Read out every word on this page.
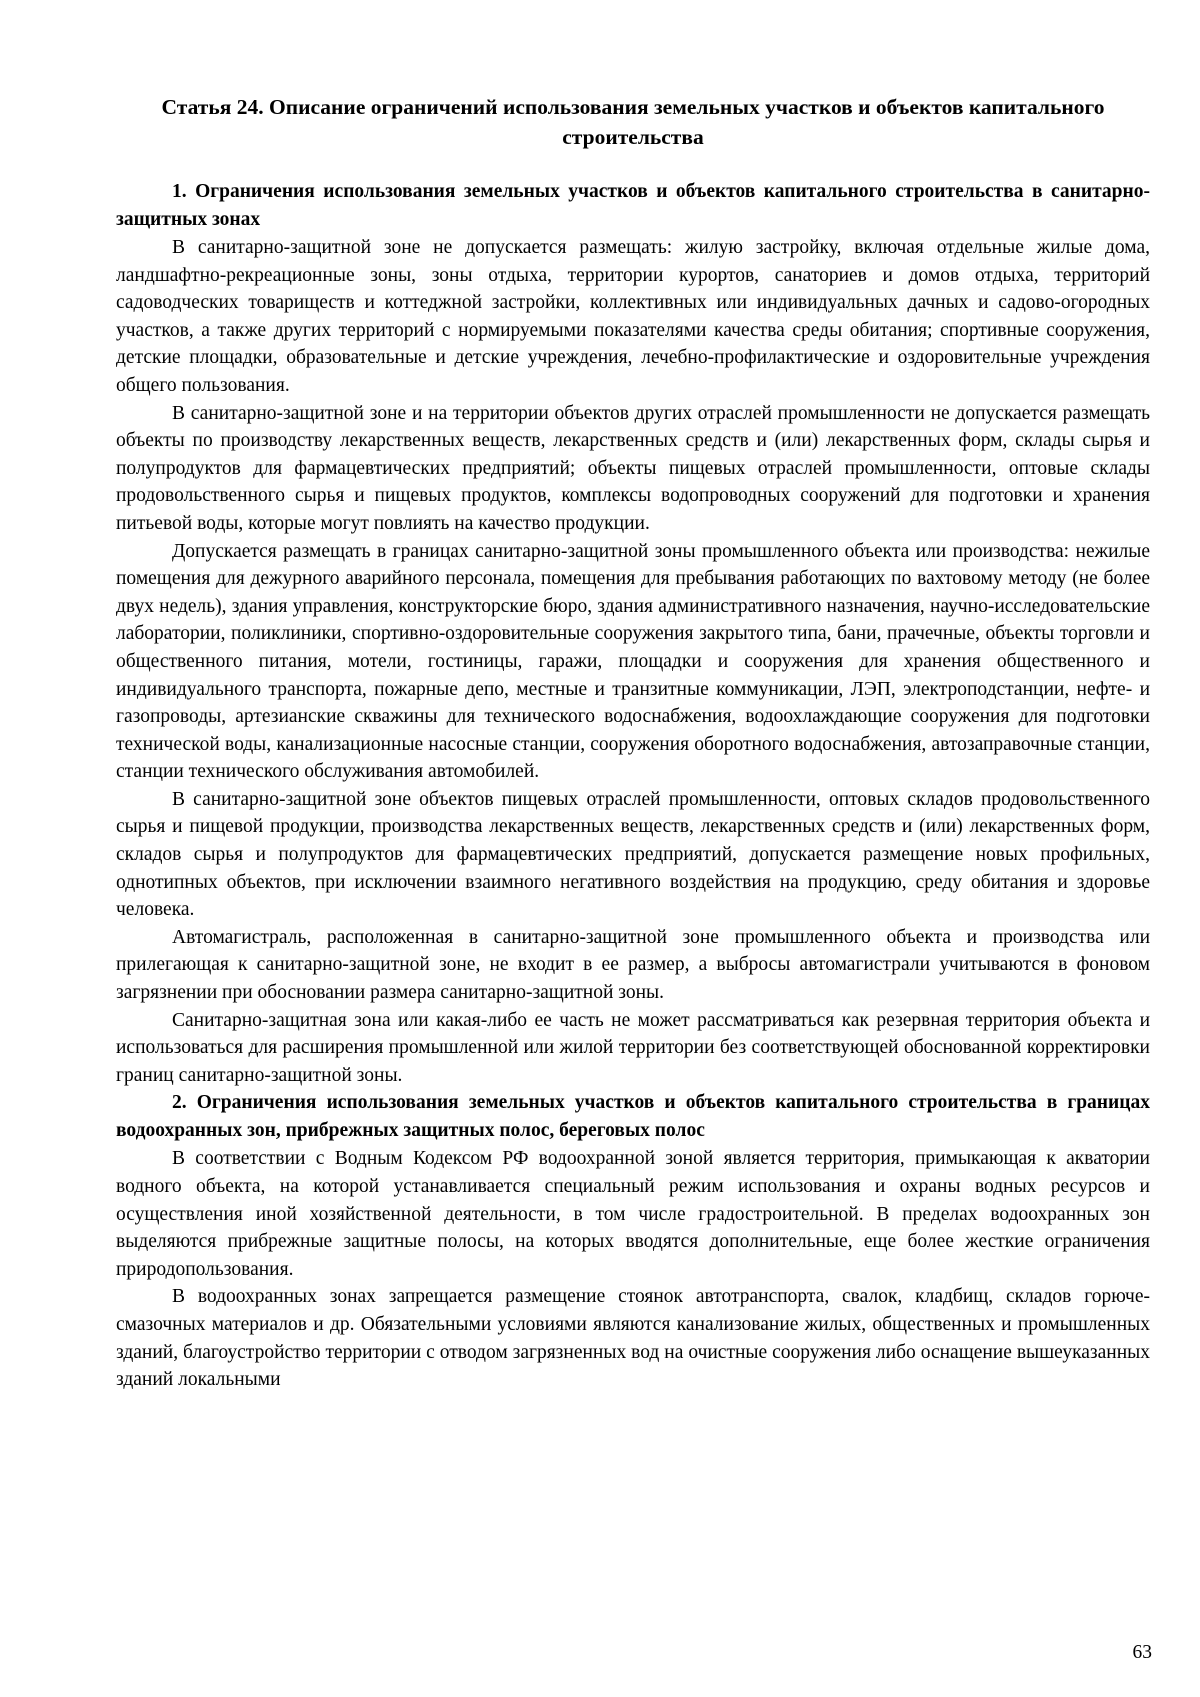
Статья 24. Описание ограничений использования земельных участков и объектов капитального строительства

1. Ограничения использования земельных участков и объектов капитального строительства в санитарно-защитных зонах

В санитарно-защитной зоне не допускается размещать: жилую застройку, включая отдельные жилые дома, ландшафтно-рекреационные зоны, зоны отдыха, территории курортов, санаториев и домов отдыха, территорий садоводческих товариществ и коттеджной застройки, коллективных или индивидуальных дачных и садово-огородных участков, а также других территорий с нормируемыми показателями качества среды обитания; спортивные сооружения, детские площадки, образовательные и детские учреждения, лечебно-профилактические и оздоровительные учреждения общего пользования.

В санитарно-защитной зоне и на территории объектов других отраслей промышленности не допускается размещать объекты по производству лекарственных веществ, лекарственных средств и (или) лекарственных форм, склады сырья и полупродуктов для фармацевтических предприятий; объекты пищевых отраслей промышленности, оптовые склады продовольственного сырья и пищевых продуктов, комплексы водопроводных сооружений для подготовки и хранения питьевой воды, которые могут повлиять на качество продукции.

Допускается размещать в границах санитарно-защитной зоны промышленного объекта или производства: нежилые помещения для дежурного аварийного персонала, помещения для пребывания работающих по вахтовому методу (не более двух недель), здания управления, конструкторские бюро, здания административного назначения, научно-исследовательские лаборатории, поликлиники, спортивно-оздоровительные сооружения закрытого типа, бани, прачечные, объекты торговли и общественного питания, мотели, гостиницы, гаражи, площадки и сооружения для хранения общественного и индивидуального транспорта, пожарные депо, местные и транзитные коммуникации, ЛЭП, электроподстанции, нефте- и газопроводы, артезианские скважины для технического водоснабжения, водоохлаждающие сооружения для подготовки технической воды, канализационные насосные станции, сооружения оборотного водоснабжения, автозаправочные станции, станции технического обслуживания автомобилей.

В санитарно-защитной зоне объектов пищевых отраслей промышленности, оптовых складов продовольственного сырья и пищевой продукции, производства лекарственных веществ, лекарственных средств и (или) лекарственных форм, складов сырья и полупродуктов для фармацевтических предприятий, допускается размещение новых профильных, однотипных объектов, при исключении взаимного негативного воздействия на продукцию, среду обитания и здоровье человека.

Автомагистраль, расположенная в санитарно-защитной зоне промышленного объекта и производства или прилегающая к санитарно-защитной зоне, не входит в ее размер, а выбросы автомагистрали учитываются в фоновом загрязнении при обосновании размера санитарно-защитной зоны.

Санитарно-защитная зона или какая-либо ее часть не может рассматриваться как резервная территория объекта и использоваться для расширения промышленной или жилой территории без соответствующей обоснованной корректировки границ санитарно-защитной зоны.

2. Ограничения использования земельных участков и объектов капитального строительства в границах водоохранных зон, прибрежных защитных полос, береговых полос

В соответствии с Водным Кодексом РФ водоохранной зоной является территория, примыкающая к акватории водного объекта, на которой устанавливается специальный режим использования и охраны водных ресурсов и осуществления иной хозяйственной деятельности, в том числе градостроительной. В пределах водоохранных зон выделяются прибрежные защитные полосы, на которых вводятся дополнительные, еще более жесткие ограничения природопользования.

В водоохранных зонах запрещается размещение стоянок автотранспорта, свалок, кладбищ, складов горюче-смазочных материалов и др. Обязательными условиями являются канализование жилых, общественных и промышленных зданий, благоустройство территории с отводом загрязненных вод на очистные сооружения либо оснащение вышеуказанных зданий локальными

63
